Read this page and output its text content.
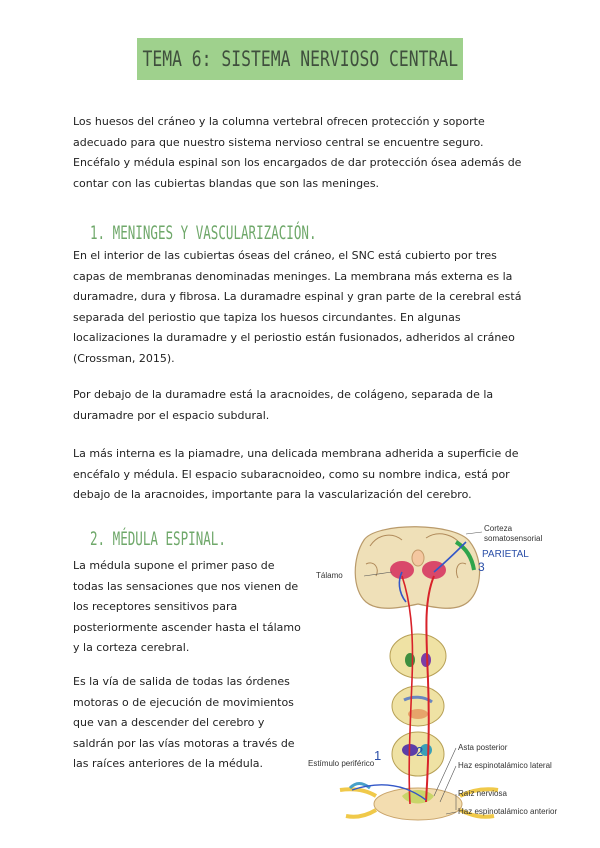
TEMA 6: SISTEMA NERVIOSO CENTRAL

Los huesos del cráneo y la columna vertebral ofrecen protección y soporte adecuado para que nuestro sistema nervioso central se encuentre seguro. Encéfalo y médula espinal son los encargados de dar protección ósea además de contar con las cubiertas blandas que son las meninges.

1. MENINGES Y VASCULARIZACIÓN.

En el interior de las cubiertas óseas del cráneo, el SNC está cubierto por tres capas de membranas denominadas meninges. La membrana más externa es la duramadre, dura y fibrosa. La duramadre espinal y gran parte de la cerebral está separada del periostio que tapiza los huesos circundantes. En algunas localizaciones la duramadre y el periostio están fusionados, adheridos al cráneo (Crossman, 2015).

Por debajo de la duramadre está la aracnoides, de colágeno, separada de la duramadre por el espacio subdural.

La más interna es la piamadre, una delicada membrana adherida a superficie de encéfalo y médula. El espacio subaracnoideo, como su nombre indica, está por debajo de la aracnoides, importante para la vascularización del cerebro.

2. MÉDULA ESPINAL.

La médula supone el primer paso de todas las sensaciones que nos vienen de los receptores sensitivos para posteriormente ascender hasta el tálamo y la corteza cerebral.

Es la vía de salida de todas las órdenes motoras o de ejecución de movimientos que van a descender del cerebro y saldrán por las vías motoras a través de las raíces anteriores de la médula.

Corteza
somatosensorial
PARIETAL
3
Tálamo
1	2
Estímulo periférico
Asta posterior
Haz espinotalámico lateral
Raíz nerviosa
Haz espinotalámico anterior
